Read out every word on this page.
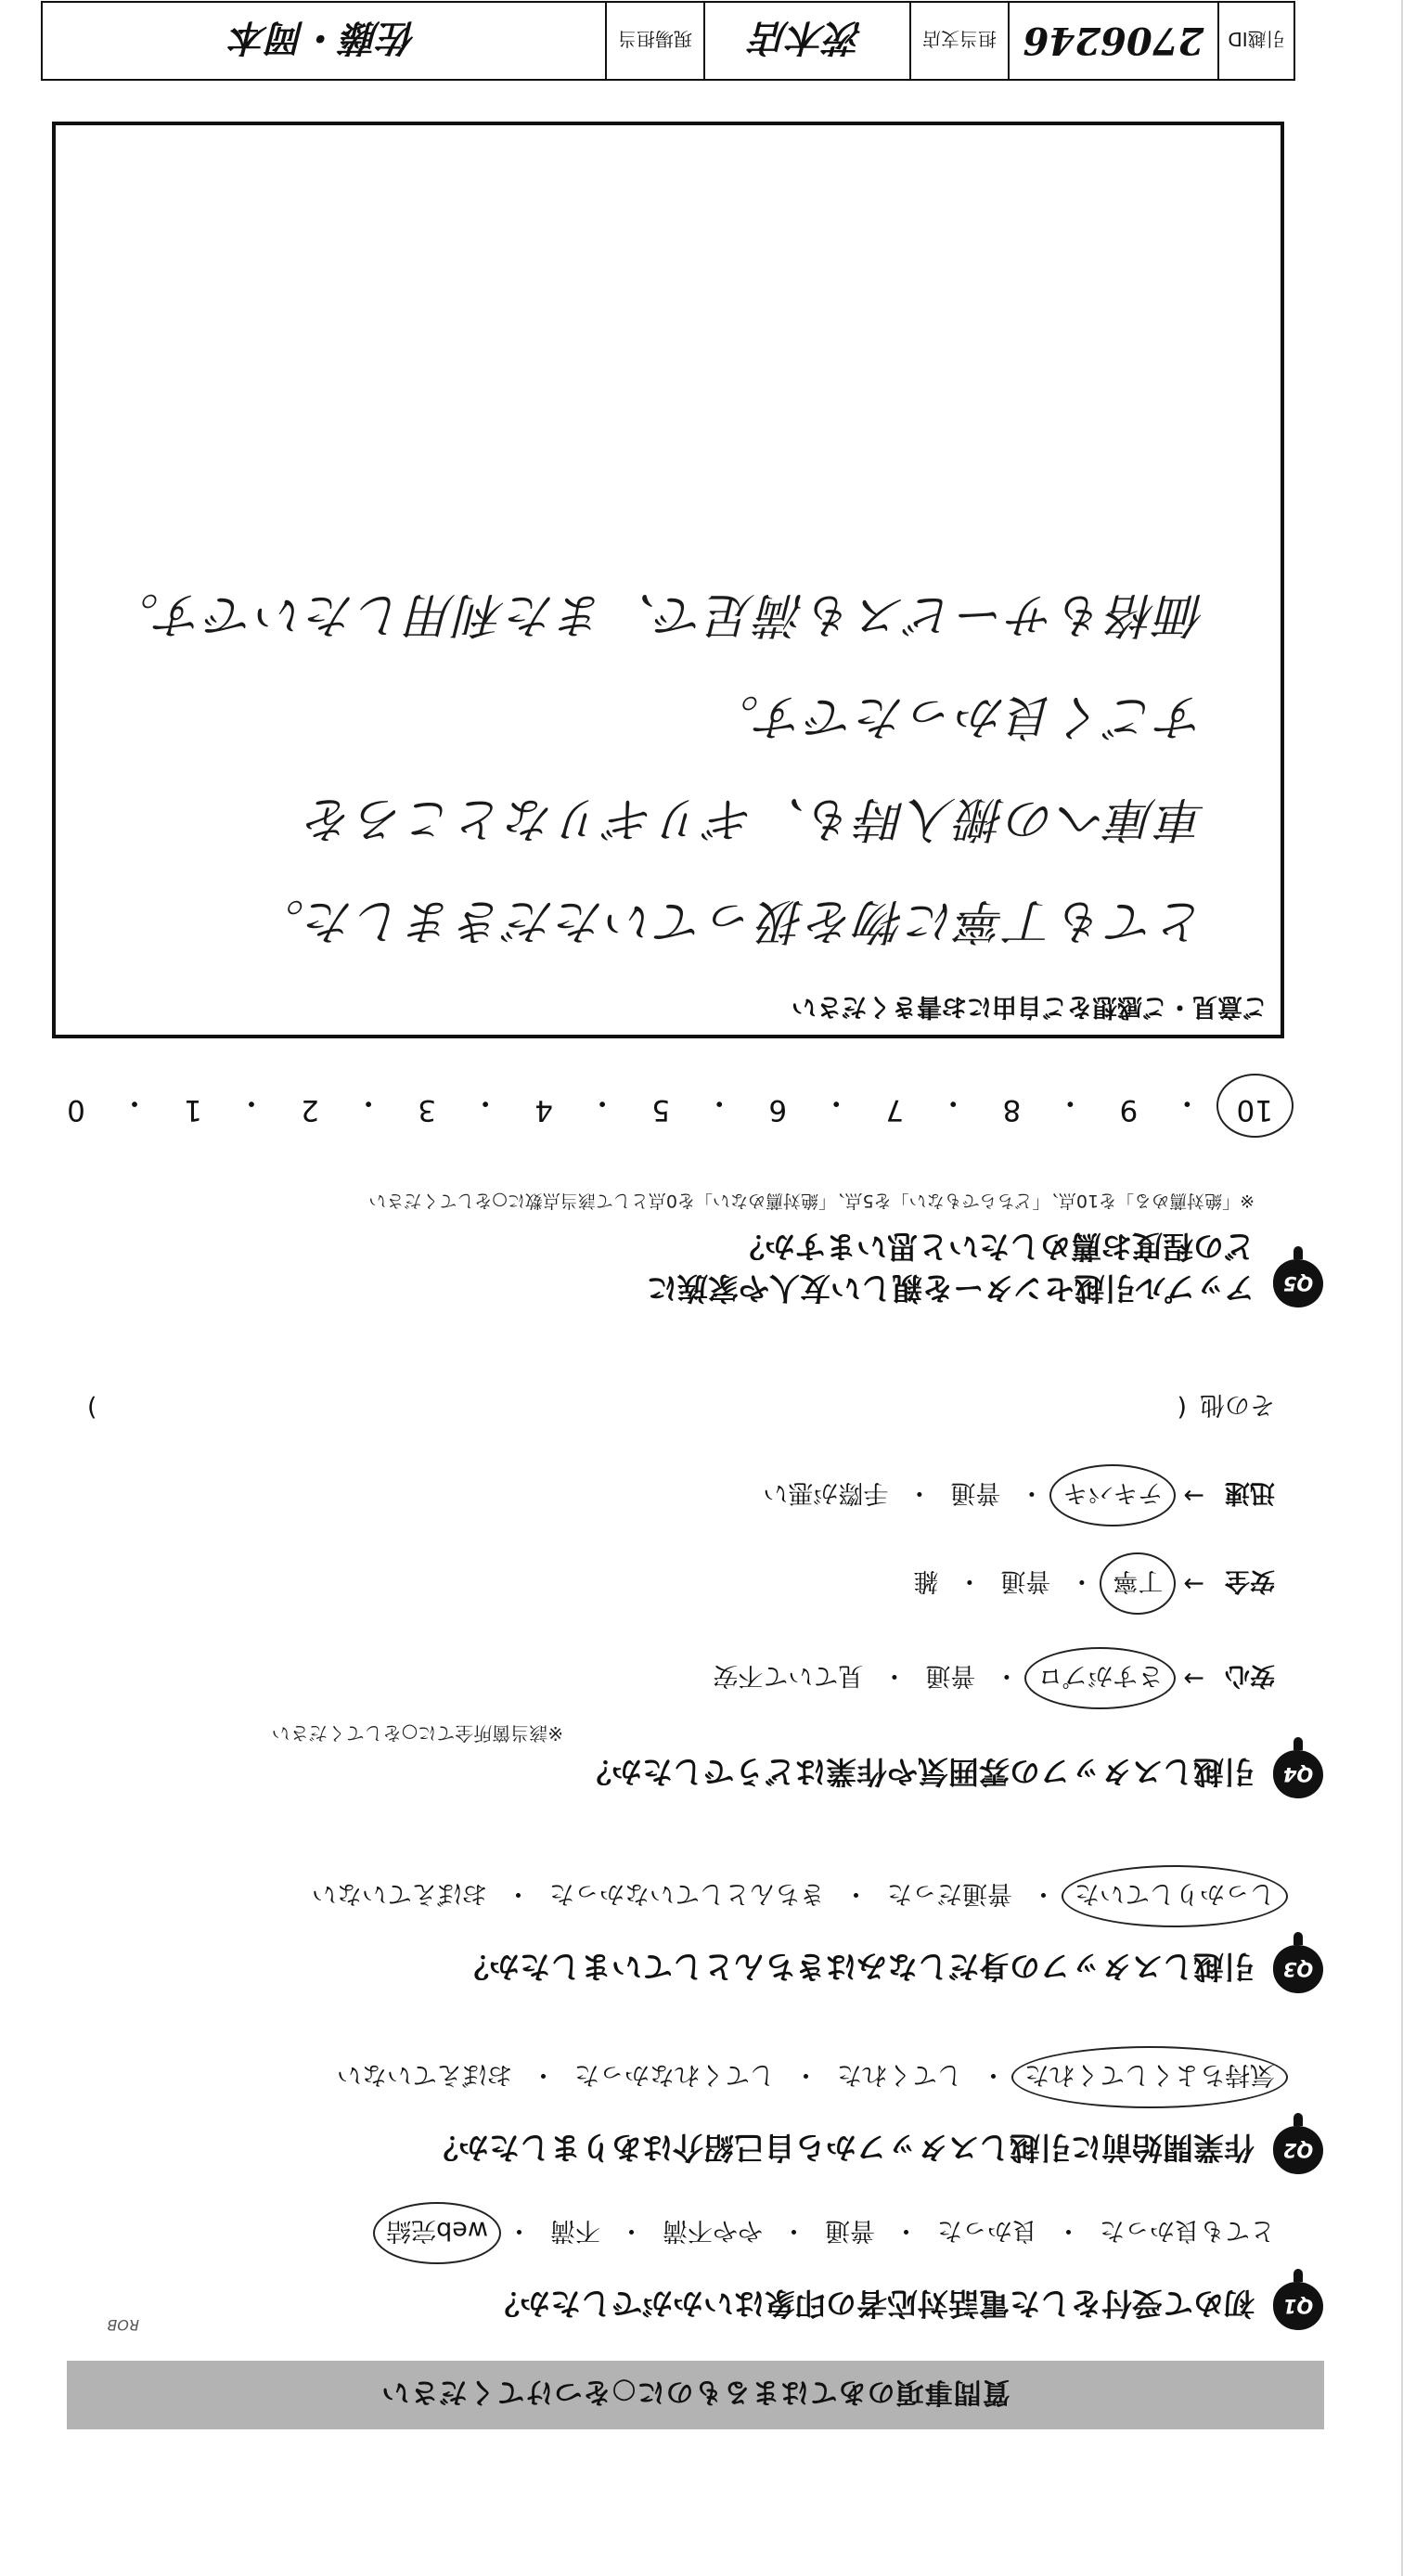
質問事項のあてはまるものに○をつけてください
ROB
Q1
初めて受付をした電話対応者の印象はいかがでしたか？
とても良かった
・
良かった
・
普通
・
やや不満
・
不満
・
web完結
Q2
作業開始前に引越しスタッフから自己紹介はありましたか？
気持ちよくしてくれた
・
してくれた
・
してくれなかった
・
おぼえていない
Q3
引越しスタッフの身だしなみはきちんとしていましたか？
しっかりしていた
・
普通だった
・
きちんとしていなかった
・
おぼえていない
Q4
引越しスタッフの雰囲気や作業はどうでしたか？
※該当箇所全てに○をしてください
安心
→
さすがプロ
・
普通
・
見ていて不安
安全
→
丁寧
・
普通
・
雑
迅速
→
テキパキ
・
普通
・
手際が悪い
その他
(
)
Q5
アップル引越センターを親しい友人や家族に
どの程度お薦めしたいと思いますか？
※「絶対薦める」を10点、「どちらでもない」を5点、「絶対薦めない」を0点として該当点数に○をしてください
10
・
9
・
8
・
7
・
6
・
5
・
4
・
3
・
2
・
1
・
0
ご意見・ご感想をご自由にお書きください
とても丁寧に物を扱っていただきました。
車庫への搬入時も、ギリギリなところを
すごく良かったです。
価格もサービスも満足で、また利用したいです。
引越ID
2706246
担当支店
茨木店
現場担当
佐藤・岡本
